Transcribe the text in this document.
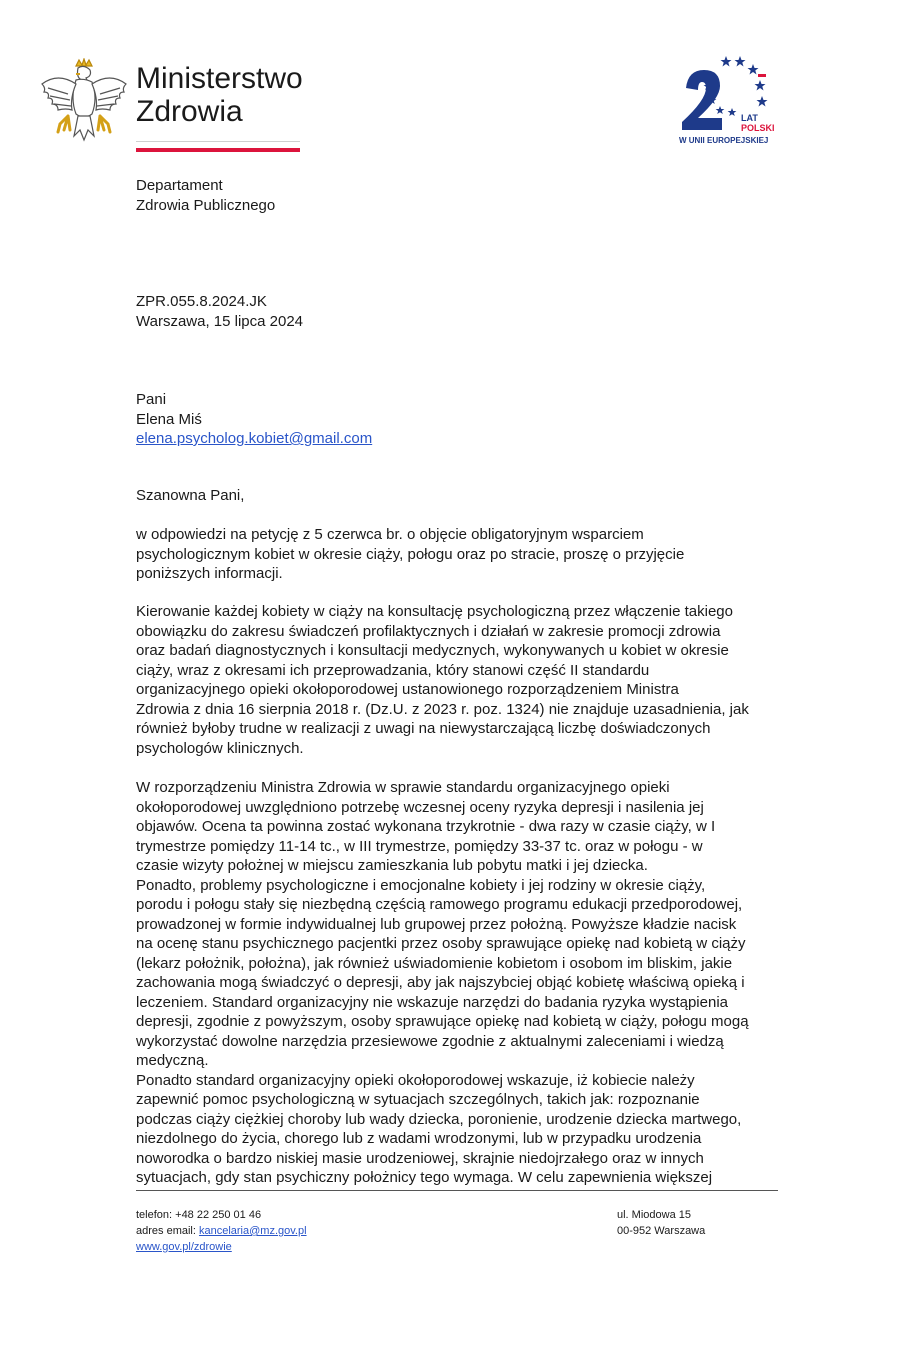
Ministerstwo
Zdrowia	LAT
POLSKI
W UNII EUROPEJSKIEJ
Departament
Zdrowia Publicznego
ZPR.055.8.2024.JK
Warszawa, 15 lipca 2024
Pani
Elena Miś
elena.psycholog.kobiet@gmail.com
Szanowna Pani,
w odpowiedzi na petycję z 5 czerwca br. o objęcie obligatoryjnym wsparciem
psychologicznym kobiet w okresie ciąży, połogu oraz po stracie, proszę o przyjęcie
poniższych informacji.
Kierowanie każdej kobiety w ciąży na konsultację psychologiczną przez włączenie takiego
obowiązku do zakresu świadczeń profilaktycznych i działań w zakresie promocji zdrowia
oraz badań diagnostycznych i konsultacji medycznych, wykonywanych u kobiet w okresie
ciąży, wraz z okresami ich przeprowadzania, który stanowi część II standardu
organizacyjnego opieki okołoporodowej ustanowionego rozporządzeniem Ministra
Zdrowia z dnia 16 sierpnia 2018 r. (Dz.U. z 2023 r. poz. 1324) nie znajduje uzasadnienia, jak
również byłoby trudne w realizacji z uwagi na niewystarczającą liczbę doświadczonych
psychologów klinicznych.
W rozporządzeniu Ministra Zdrowia w sprawie standardu organizacyjnego opieki
okołoporodowej uwzględniono potrzebę wczesnej oceny ryzyka depresji i nasilenia jej
objawów. Ocena ta powinna zostać wykonana trzykrotnie - dwa razy w czasie ciąży, w I
trymestrze pomiędzy 11-14 tc., w III trymestrze, pomiędzy 33-37 tc. oraz w połogu - w
czasie wizyty położnej w miejscu zamieszkania lub pobytu matki i jej dziecka.
Ponadto, problemy psychologiczne i emocjonalne kobiety i jej rodziny w okresie ciąży,
porodu i połogu stały się niezbędną częścią ramowego programu edukacji przedporodowej,
prowadzonej w formie indywidualnej lub grupowej przez położną. Powyższe kładzie nacisk
na ocenę stanu psychicznego pacjentki przez osoby sprawujące opiekę nad kobietą w ciąży
(lekarz położnik, położna), jak również uświadomienie kobietom i osobom im bliskim, jakie
zachowania mogą świadczyć o depresji, aby jak najszybciej objąć kobietę właściwą opieką i
leczeniem. Standard organizacyjny nie wskazuje narzędzi do badania ryzyka wystąpienia
depresji, zgodnie z powyższym, osoby sprawujące opiekę nad kobietą w ciąży, połogu mogą
wykorzystać dowolne narzędzia przesiewowe zgodnie z aktualnymi zaleceniami i wiedzą
medyczną.
Ponadto standard organizacyjny opieki okołoporodowej wskazuje, iż kobiecie należy
zapewnić pomoc psychologiczną w sytuacjach szczególnych, takich jak: rozpoznanie
podczas ciąży ciężkiej choroby lub wady dziecka, poronienie, urodzenie dziecka martwego,
niezdolnego do życia, chorego lub z wadami wrodzonymi, lub w przypadku urodzenia
noworodka o bardzo niskiej masie urodzeniowej, skrajnie niedojrzałego oraz w innych
sytuacjach, gdy stan psychiczny położnicy tego wymaga. W celu zapewnienia większej
telefon: +48 22 250 01 46
adres email: kancelaria@mz.gov.pl
www.gov.pl/zdrowie
ul. Miodowa 15
00-952 Warszawa
